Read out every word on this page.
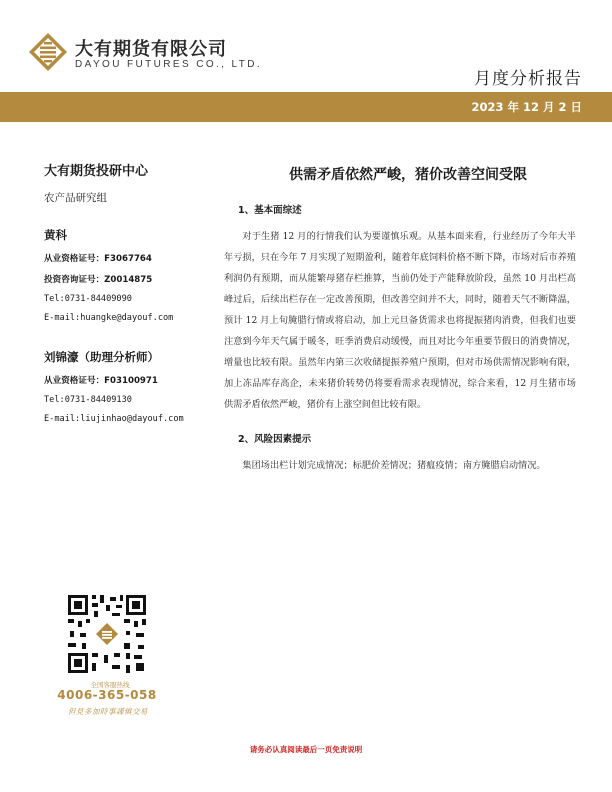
大有期货有限公司
DAYOU FUTURES CO., LTD.
月度分析报告
2023 年 12 月 2 日
大有期货投研中心
农产品研究组
黄科
从业资格证号：F3067764
投资咨询证号：Z0014875
Tel:0731-84409090
E-mail:huangke@dayouf.com
刘锦濠（助理分析师）
从业资格证号：F03100971
Tel:0731-84409130
E-mail:liujinhao@dayouf.com
供需矛盾依然严峻，猪价改善空间受限
1、基本面综述
对于生猪 12 月的行情我们认为要谨慎乐观。从基本面来看，行业经历了今年大半年亏损，只在今年 7 月实现了短期盈利，随着年底饲料价格不断下降，市场对后市养殖利润仍有预期，而从能繁母猪存栏推算，当前仍处于产能释放阶段，虽然 10 月出栏高峰过后，后续出栏存在一定改善预期，但改善空间并不大，同时，随着天气不断降温，预计 12 月上旬腌腊行情或将启动，加上元旦备货需求也将提振猪肉消费，但我们也要注意到今年天气属于暖冬，旺季消费启动缓慢，而且对比今年重要节假日的消费情况，增量也比较有限。虽然年内第三次收储提振养殖户预期，但对市场供需情况影响有限，加上冻品库存高企，未来猪价转势仍将要看需求表现情况，综合来看，12 月生猪市场供需矛盾依然严峻，猪价有上涨空间但比较有限。
2、风险因素提示
集团场出栏计划完成情况；标肥价差情况；猪瘟疫情；南方腌腊启动情况。
全国客服热线
4006-365-058
但見多加時事謹慎交易
请务必认真阅读最后一页免责说明
